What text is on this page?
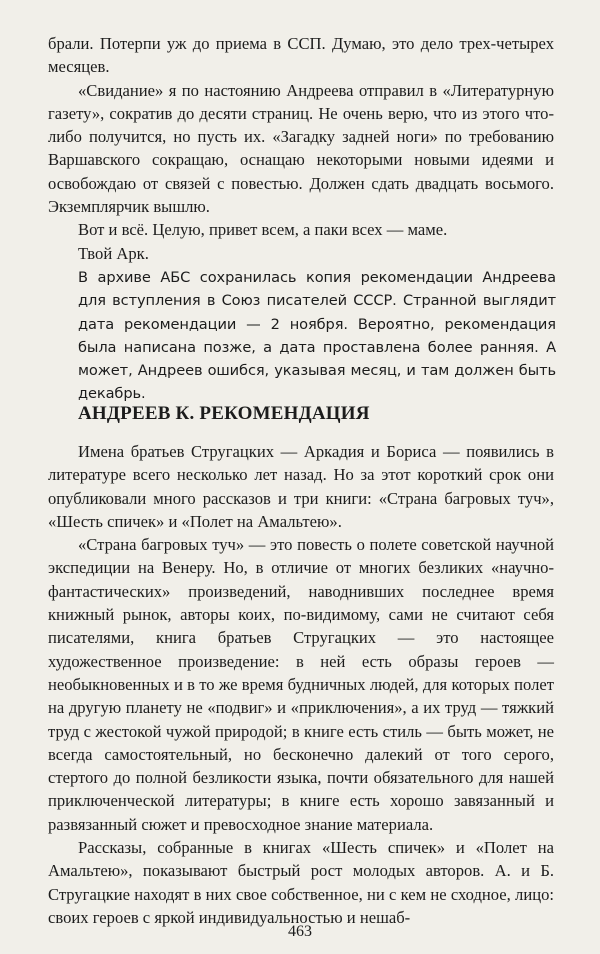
брали. Потерпи уж до приема в ССП. Думаю, это дело трех-четырех месяцев.

«Свидание» я по настоянию Андреева отправил в «Литературную газету», сократив до десяти страниц. Не очень верю, что из этого что-либо получится, но пусть их. «Загадку задней ноги» по требованию Варшавского сокращаю, оснащаю некоторыми новыми идеями и освобождаю от связей с повестью. Должен сдать двадцать восьмого. Экземплярчик вышлю.

Вот и всё. Целую, привет всем, а паки всех — маме.

Твой Арк.

В архиве АБС сохранилась копия рекомендации Андреева для вступления в Союз писателей СССР. Странной выглядит дата рекомендации — 2 ноября. Вероятно, рекомендация была написана позже, а дата проставлена более ранняя. А может, Андреев ошибся, указывая месяц, и там должен быть декабрь.

АНДРЕЕВ К. РЕКОМЕНДАЦИЯ

Имена братьев Стругацких — Аркадия и Бориса — появились в литературе всего несколько лет назад. Но за этот короткий срок они опубликовали много рассказов и три книги: «Страна багровых туч», «Шесть спичек» и «Полет на Амальтею».

«Страна багровых туч» — это повесть о полете советской научной экспедиции на Венеру. Но, в отличие от многих безликих «научно-фантастических» произведений, наводнивших последнее время книжный рынок, авторы коих, по-видимому, сами не считают себя писателями, книга братьев Стругацких — это настоящее художественное произведение: в ней есть образы героев — необыкновенных и в то же время будничных людей, для которых полет на другую планету не «подвиг» и «приключения», а их труд — тяжкий труд с жестокой чужой природой; в книге есть стиль — быть может, не всегда самостоятельный, но бесконечно далекий от того серого, стертого до полной безликости языка, почти обязательного для нашей приключенческой литературы; в книге есть хорошо завязанный и развязанный сюжет и превосходное знание материала.

Рассказы, собранные в книгах «Шесть спичек» и «Полет на Амальтею», показывают быстрый рост молодых авторов. А. и Б. Стругацкие находят в них свое собственное, ни с кем не сходное, лицо: своих героев с яркой индивидуальностью и нешаб-

463
